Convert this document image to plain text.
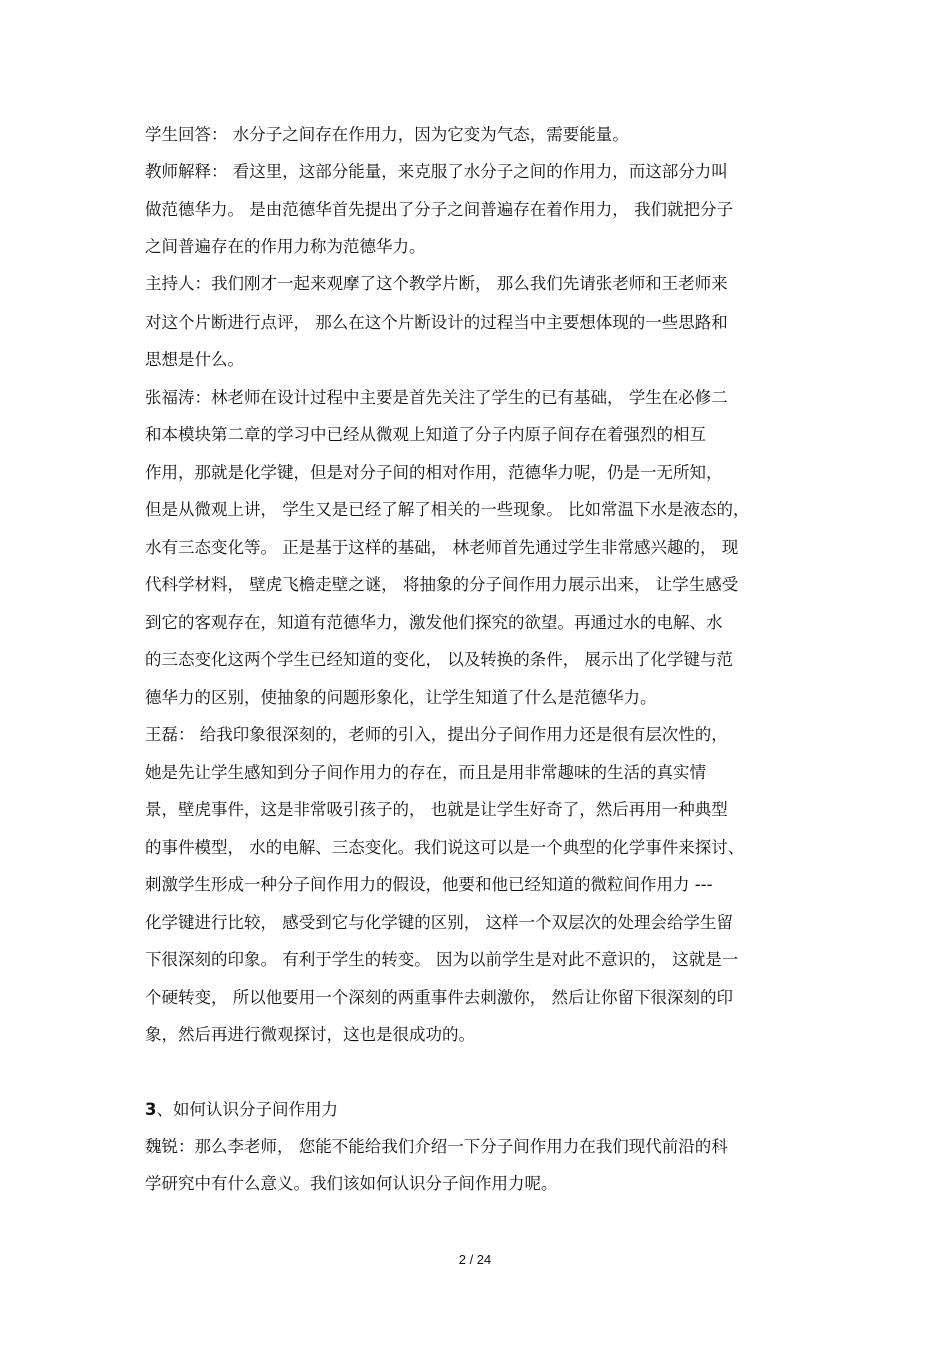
学生回答： 水分子之间存在作用力，因为它变为气态，需要能量。
教师解释： 看这里，这部分能量，来克服了水分子之间的作用力，而这部分力叫
做范德华力。 是由范德华首先提出了分子之间普遍存在着作用力， 我们就把分子
之间普遍存在的作用力称为范德华力。
主持人：我们刚才一起来观摩了这个教学片断， 那么我们先请张老师和王老师来
对这个片断进行点评， 那么在这个片断设计的过程当中主要想体现的一些思路和
思想是什么。
张福涛：林老师在设计过程中主要是首先关注了学生的已有基础， 学生在必修二
和本模块第二章的学习中已经从微观上知道了分子内原子间存在着强烈的相互
作用，那就是化学键，但是对分子间的相对作用，范德华力呢，仍是一无所知，
但是从微观上讲， 学生又是已经了解了相关的一些现象。 比如常温下水是液态的，
水有三态变化等。 正是基于这样的基础， 林老师首先通过学生非常感兴趣的， 现
代科学材料， 壁虎飞檐走壁之谜， 将抽象的分子间作用力展示出来， 让学生感受
到它的客观存在，知道有范德华力，激发他们探究的欲望。再通过水的电解、水
的三态变化这两个学生已经知道的变化， 以及转换的条件， 展示出了化学键与范
德华力的区别，使抽象的问题形象化，让学生知道了什么是范德华力。
王磊： 给我印象很深刻的，老师的引入，提出分子间作用力还是很有层次性的，
她是先让学生感知到分子间作用力的存在，而且是用非常趣味的生活的真实情
景，壁虎事件，这是非常吸引孩子的， 也就是让学生好奇了，然后再用一种典型
的事件模型， 水的电解、三态变化。我们说这可以是一个典型的化学事件来探讨、
刺激学生形成一种分子间作用力的假设，他要和他已经知道的微粒间作用力 ---
化学键进行比较， 感受到它与化学键的区别， 这样一个双层次的处理会给学生留
下很深刻的印象。 有利于学生的转变。 因为以前学生是对此不意识的， 这就是一
个硬转变， 所以他要用一个深刻的两重事件去刺激你， 然后让你留下很深刻的印
象，然后再进行微观探讨，这也是很成功的。
3、如何认识分子间作用力
魏锐：那么李老师， 您能不能给我们介绍一下分子间作用力在我们现代前沿的科
学研究中有什么意义。我们该如何认识分子间作用力呢。
2 / 24
